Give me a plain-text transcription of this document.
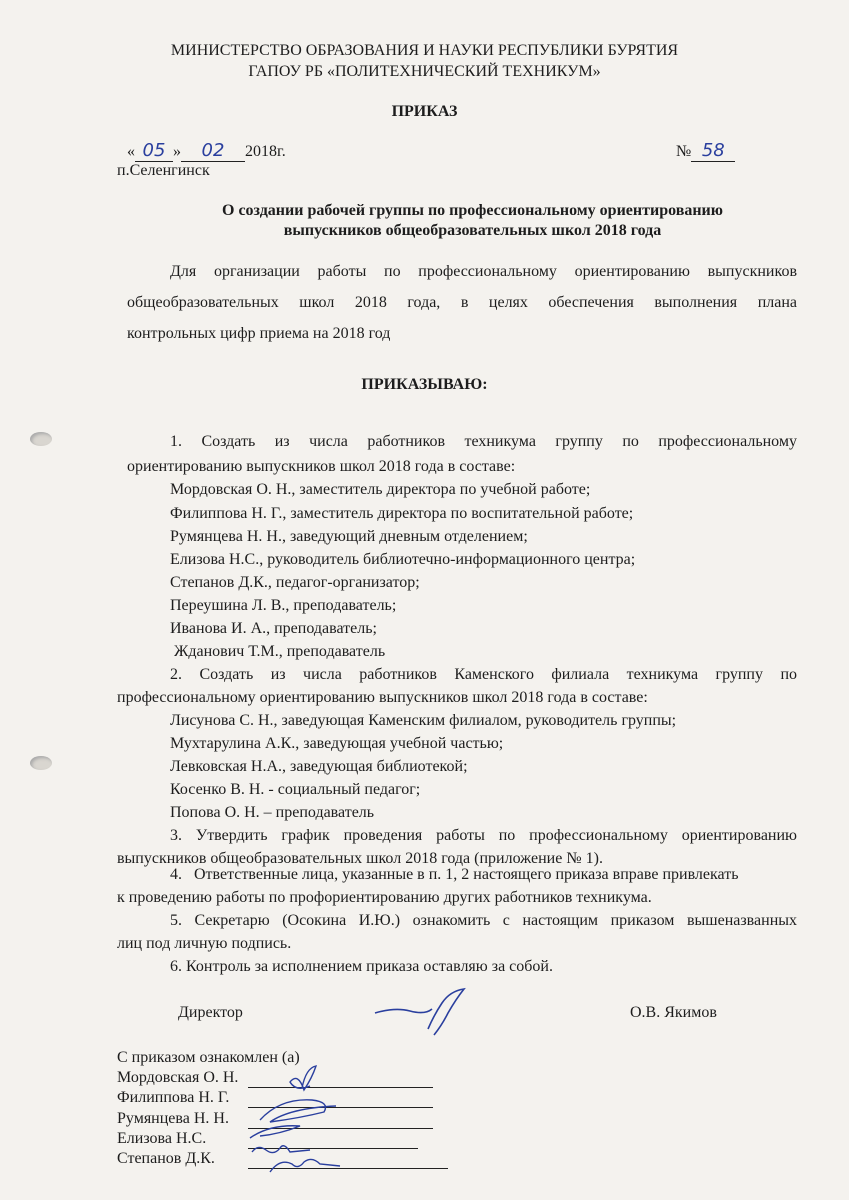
МИНИСТЕРСТВО ОБРАЗОВАНИЯ И НАУКИ РЕСПУБЛИКИ БУРЯТИЯ
ГАПОУ РБ «ПОЛИТЕХНИЧЕСКИЙ ТЕХНИКУМ»
ПРИКАЗ
« 05 » 02 2018г.	№ 58
п.Селенгинск
О создании рабочей группы по профессиональному ориентированию
выпускников общеобразовательных школ 2018 года
Для организации работы по профессиональному ориентированию выпускников
общеобразовательных школ 2018 года, в целях обеспечения выполнения плана
контрольных цифр приема на 2018 год
ПРИКАЗЫВАЮ:
1. Создать из числа работников техникума группу по профессиональному
ориентированию выпускников школ 2018 года в составе:
Мордовская О. Н., заместитель директора по учебной работе;
Филиппова Н. Г., заместитель директора по воспитательной работе;
Румянцева Н. Н., заведующий дневным отделением;
Елизова Н.С., руководитель библиотечно-информационного центра;
Степанов Д.К., педагог-организатор;
Переушина Л. В., преподаватель;
Иванова И. А., преподаватель;
Жданович Т.М., преподаватель
2. Создать из числа работников Каменского филиала техникума группу по
профессиональному ориентированию выпускников школ 2018 года в составе:
Лисунова С. Н., заведующая Каменским филиалом, руководитель группы;
Мухтарулина А.К., заведующая учебной частью;
Левковская Н.А., заведующая библиотекой;
Косенко В. Н. - социальный педагог;
Попова О. Н. – преподаватель
3. Утвердить график проведения работы по профессиональному ориентированию
выпускников общеобразовательных школ 2018 года (приложение № 1).
4.   Ответственные лица, указанные в п. 1, 2 настоящего приказа вправе привлекать
к проведению работы по профориентированию других работников техникума.
5. Секретарю (Осокина И.Ю.) ознакомить с настоящим приказом вышеназванных
лиц под личную подпись.
6. Контроль за исполнением приказа оставляю за собой.
Директор	О.В. Якимов
С приказом ознакомлен (а)
Мордовская О. Н.
Филиппова Н. Г.
Румянцева Н. Н.
Елизова Н.С.
Степанов Д.К.
